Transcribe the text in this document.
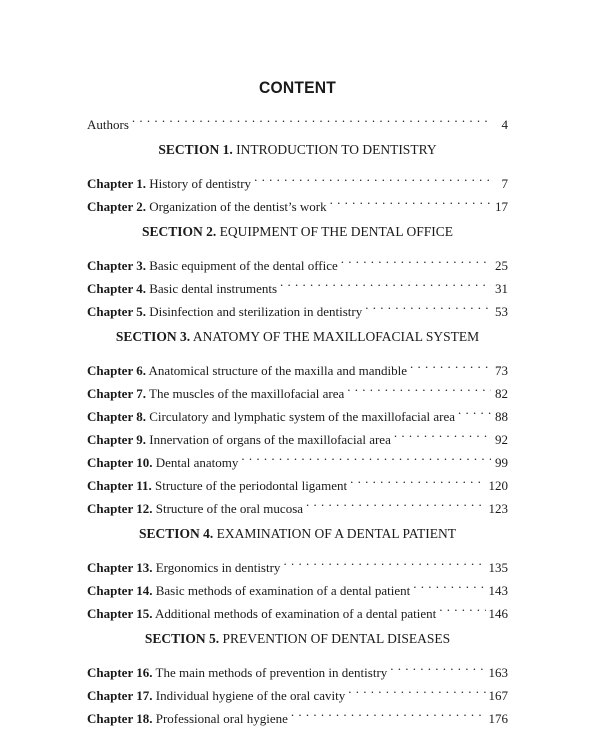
CONTENT
Authors . . .	4
SECTION 1. INTRODUCTION TO DENTISTRY
Chapter 1. History of dentistry . . .	7
Chapter 2. Organization of the dentist’s work . . .	17
SECTION 2. EQUIPMENT OF THE DENTAL OFFICE
Chapter 3. Basic equipment of the dental office . . .	25
Chapter 4. Basic dental instruments . . .	31
Chapter 5. Disinfection and sterilization in dentistry . . .	53
SECTION 3. ANATOMY OF THE MAXILLOFACIAL SYSTEM
Chapter 6. Anatomical structure of the maxilla and mandible . . .	73
Chapter 7. The muscles of the maxillofacial area . . .	82
Chapter 8. Circulatory and lymphatic system of the maxillofacial area . . .	88
Chapter 9. Innervation of organs of the maxillofacial area . . .	92
Chapter 10. Dental anatomy . . .	99
Chapter 11. Structure of the periodontal ligament . . .	120
Chapter 12. Structure of the oral mucosa . . .	123
SECTION 4. EXAMINATION OF A DENTAL PATIENT
Chapter 13. Ergonomics in dentistry . . .	135
Chapter 14. Basic methods of examination of a dental patient . . .	143
Chapter 15. Additional methods of examination of a dental patient . . .	146
SECTION 5. PREVENTION OF DENTAL DISEASES
Chapter 16. The main methods of prevention in dentistry . . .	163
Chapter 17. Individual hygiene of the oral cavity . . .	167
Chapter 18. Professional oral hygiene . . .	176
